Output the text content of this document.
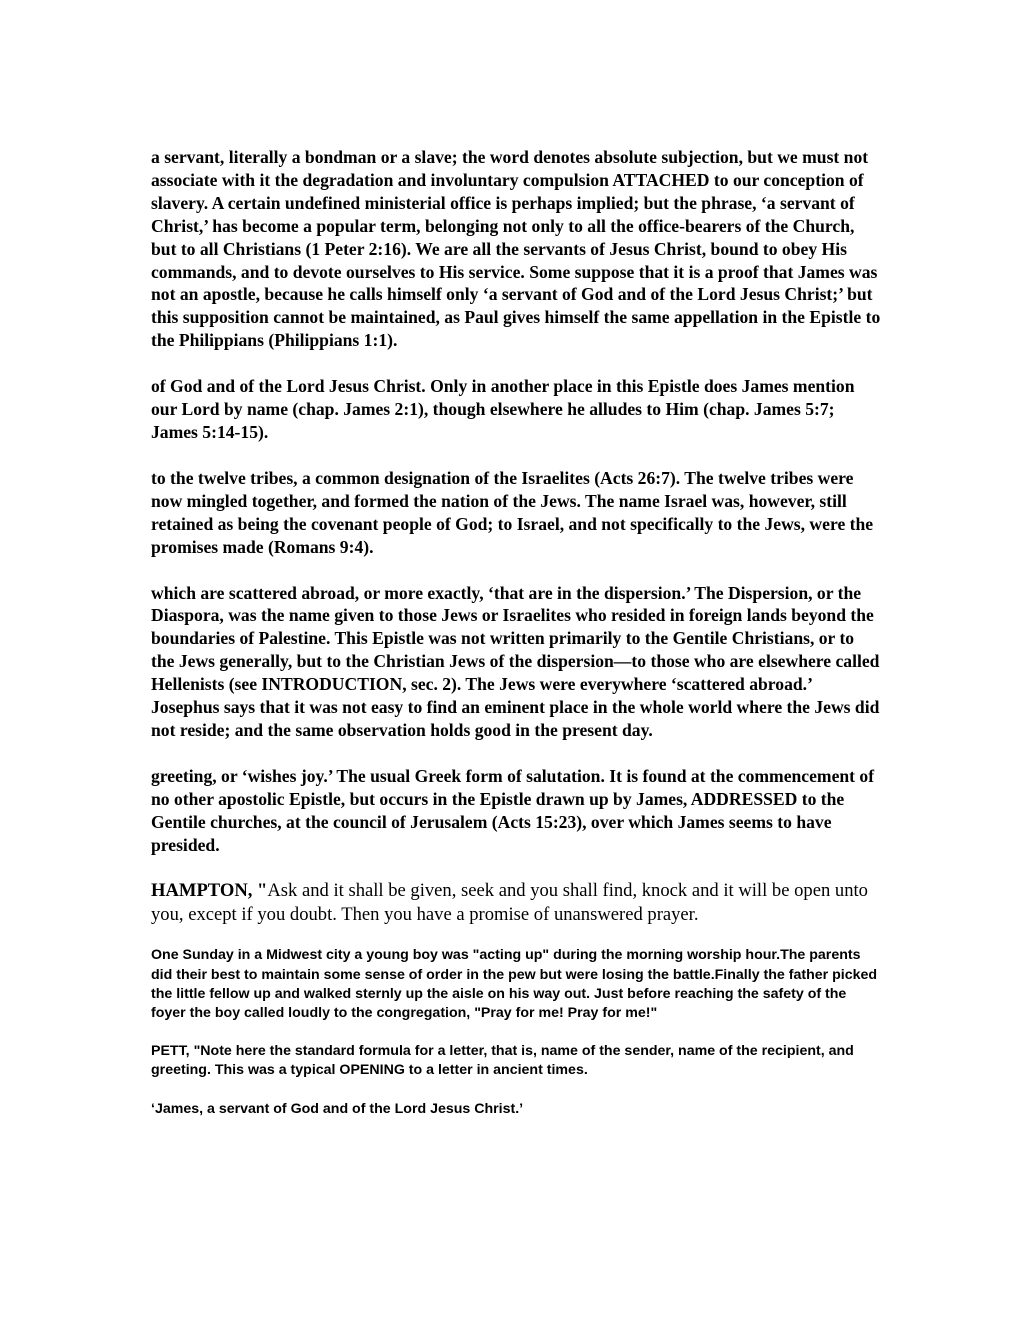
a servant, literally a bondman or a slave; the word denotes absolute subjection, but we must not associate with it the degradation and involuntary compulsion ATTACHED to our conception of slavery. A certain undefined ministerial office is perhaps implied; but the phrase, ‘a servant of Christ,’ has become a popular term, belonging not only to all the office-bearers of the Church, but to all Christians (1 Peter 2:16). We are all the servants of Jesus Christ, bound to obey His commands, and to devote ourselves to His service. Some suppose that it is a proof that James was not an apostle, because he calls himself only ‘a servant of God and of the Lord Jesus Christ;’ but this supposition cannot be maintained, as Paul gives himself the same appellation in the Epistle to the Philippians (Philippians 1:1).

of God and of the Lord Jesus Christ. Only in another place in this Epistle does James mention our Lord by name (chap. James 2:1), though elsewhere he alludes to Him (chap. James 5:7; James 5:14-15).

to the twelve tribes, a common designation of the Israelites (Acts 26:7). The twelve tribes were now mingled together, and formed the nation of the Jews. The name Israel was, however, still retained as being the covenant people of God; to Israel, and not specifically to the Jews, were the promises made (Romans 9:4).

which are scattered abroad, or more exactly, ‘that are in the dispersion.’ The Dispersion, or the Diaspora, was the name given to those Jews or Israelites who resided in foreign lands beyond the boundaries of Palestine. This Epistle was not written primarily to the Gentile Christians, or to the Jews generally, but to the Christian Jews of the dispersion—to those who are elsewhere called Hellenists (see INTRODUCTION, sec. 2). The Jews were everywhere ‘scattered abroad.’ Josephus says that it was not easy to find an eminent place in the whole world where the Jews did not reside; and the same observation holds good in the present day.

greeting, or ‘wishes joy.’ The usual Greek form of salutation. It is found at the commencement of no other apostolic Epistle, but occurs in the Epistle drawn up by James, ADDRESSED to the Gentile churches, at the council of Jerusalem (Acts 15:23), over which James seems to have presided.

HAMPTON, "Ask and it shall be given, seek and you shall find, knock and it will be open unto you, except if you doubt. Then you have a promise of unanswered prayer.

One Sunday in a Midwest city a young boy was "acting up" during the morning worship hour.The parents did their best to maintain some sense of order in the pew but were losing the battle.Finally the father picked the little fellow up and walked sternly up the aisle on his way out. Just before reaching the safety of the foyer the boy called loudly to the congregation, "Pray for me! Pray for me!"

PETT, "Note here the standard formula for a letter, that is, name of the sender, name of the recipient, and greeting. This was a typical OPENING to a letter in ancient times.

‘James, a servant of God and of the Lord Jesus Christ.’
